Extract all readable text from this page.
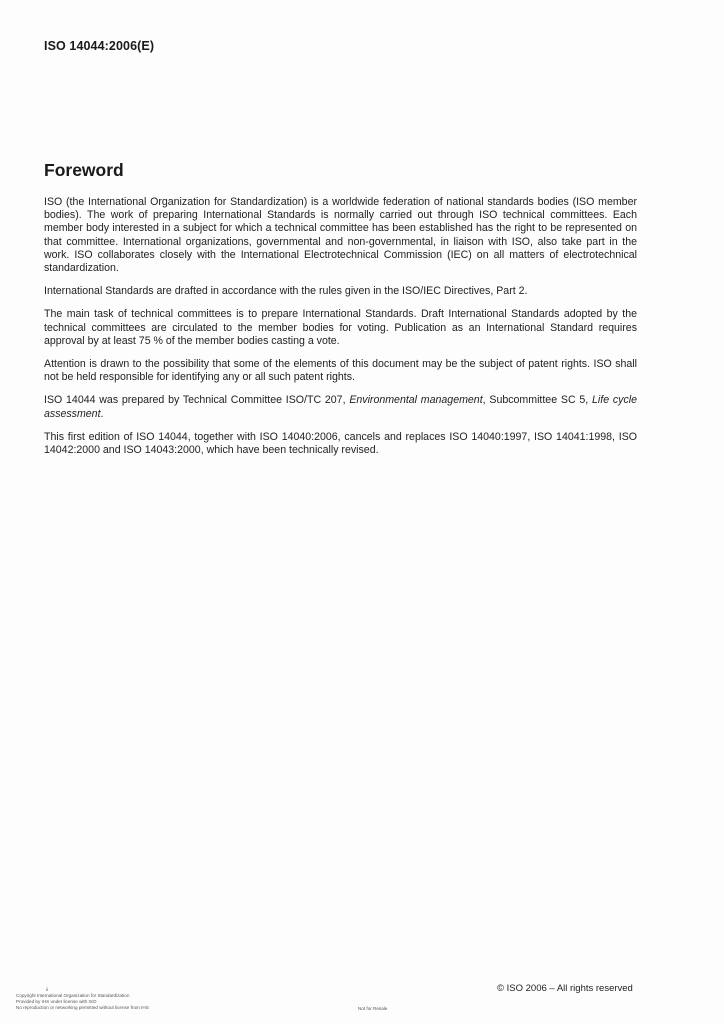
ISO 14044:2006(E)
Foreword

ISO (the International Organization for Standardization) is a worldwide federation of national standards bodies (ISO member bodies). The work of preparing International Standards is normally carried out through ISO technical committees. Each member body interested in a subject for which a technical committee has been established has the right to be represented on that committee. International organizations, governmental and non-governmental, in liaison with ISO, also take part in the work. ISO collaborates closely with the International Electrotechnical Commission (IEC) on all matters of electrotechnical standardization.

International Standards are drafted in accordance with the rules given in the ISO/IEC Directives, Part 2.

The main task of technical committees is to prepare International Standards. Draft International Standards adopted by the technical committees are circulated to the member bodies for voting. Publication as an International Standard requires approval by at least 75 % of the member bodies casting a vote.

Attention is drawn to the possibility that some of the elements of this document may be the subject of patent rights. ISO shall not be held responsible for identifying any or all such patent rights.

ISO 14044 was prepared by Technical Committee ISO/TC 207, Environmental management, Subcommittee SC 5, Life cycle assessment.

This first edition of ISO 14044, together with ISO 14040:2006, cancels and replaces ISO 14040:1997, ISO 14041:1998, ISO 14042:2000 and ISO 14043:2000, which have been technically revised.

ii
Copyright International Organization for Standardization
Provided by IHS under license with ISO
No reproduction or networking permitted without license from IHS	Not for Resale
© ISO 2006 – All rights reserved
